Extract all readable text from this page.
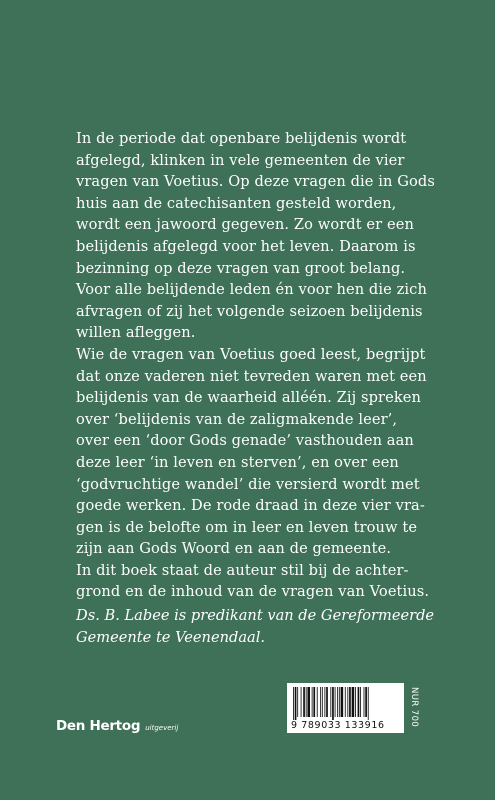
In de periode dat openbare belijdenis wordt
afgelegd, klinken in vele gemeenten de vier
vragen van Voetius. Op deze vragen die in Gods
huis aan de catechisanten gesteld worden,
wordt een jawoord gegeven. Zo wordt er een
belijdenis afgelegd voor het leven. Daarom is
bezinning op deze vragen van groot belang.
Voor alle belijdende leden én voor hen die zich
afvragen of zij het volgende seizoen belijdenis
willen afleggen.

Wie de vragen van Voetius goed leest, begrijpt
dat onze vaderen niet tevreden waren met een
belijdenis van de waarheid alléén. Zij spreken
over ‘belijdenis van de zaligmakende leer’,
over een ‘door Gods genade’ vasthouden aan
deze leer ‘in leven en sterven’, en over een
‘godvruchtige wandel’ die versierd wordt met
goede werken. De rode draad in deze vier vra-
gen is de belofte om in leer en leven trouw te
zijn aan Gods Woord en aan de gemeente.

In dit boek staat de auteur stil bij de achter-
grond en de inhoud van de vragen van Voetius.

Ds. B. Labee is predikant van de Gereformeerde
Gemeente te Veenendaal.
Den Hertog uitgeverij	9 789033 133916	NUR 700
